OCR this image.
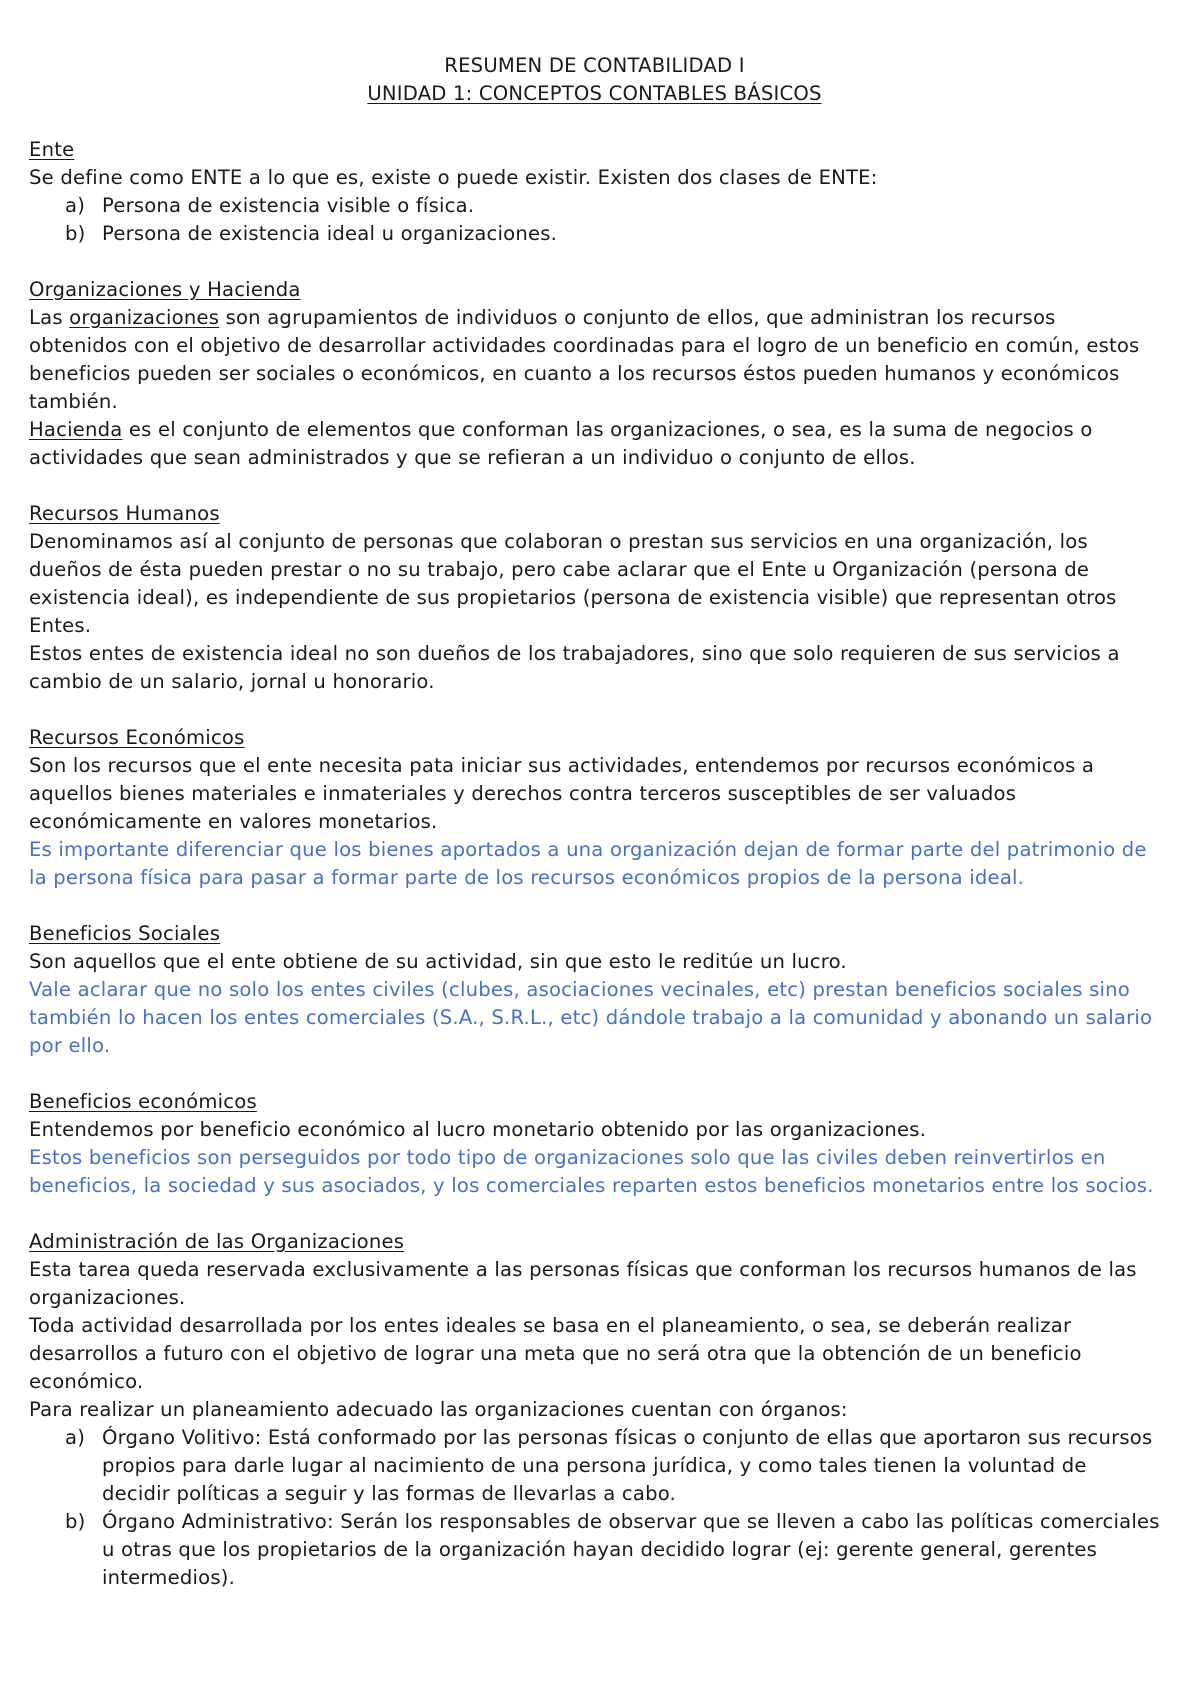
RESUMEN DE CONTABILIDAD I

UNIDAD 1: CONCEPTOS CONTABLES BÁSICOS

Ente

Se define como ENTE a lo que es, existe o puede existir. Existen dos clases de ENTE:

a) Persona de existencia visible o física.
b) Persona de existencia ideal u organizaciones.

Organizaciones y Hacienda

Las organizaciones son agrupamientos de individuos o conjunto de ellos, que administran los recursos obtenidos con el objetivo de desarrollar actividades coordinadas para el logro de un beneficio en común, estos beneficios pueden ser sociales o económicos, en cuanto a los recursos éstos pueden humanos y económicos también.

Hacienda es el conjunto de elementos que conforman las organizaciones, o sea, es la suma de negocios o actividades que sean administrados y que se refieran a un individuo o conjunto de ellos.

Recursos Humanos

Denominamos así al conjunto de personas que colaboran o prestan sus servicios en una organización, los dueños de ésta pueden prestar o no su trabajo, pero cabe aclarar que el Ente u Organización (persona de existencia ideal), es independiente de sus propietarios (persona de existencia visible) que representan otros Entes.

Estos entes de existencia ideal no son dueños de los trabajadores, sino que solo requieren de sus servicios a cambio de un salario, jornal u honorario.

Recursos Económicos

Son los recursos que el ente necesita pata iniciar sus actividades, entendemos por recursos económicos a aquellos bienes materiales e inmateriales y derechos contra terceros susceptibles de ser valuados económicamente en valores monetarios.

Es importante diferenciar que los bienes aportados a una organización dejan de formar parte del patrimonio de la persona física para pasar a formar parte de los recursos económicos propios de la persona ideal.

Beneficios Sociales

Son aquellos que el ente obtiene de su actividad, sin que esto le reditúe un lucro.

Vale aclarar que no solo los entes civiles (clubes, asociaciones vecinales, etc) prestan beneficios sociales sino también lo hacen los entes comerciales (S.A., S.R.L., etc) dándole trabajo a la comunidad y abonando un salario por ello.

Beneficios económicos

Entendemos por beneficio económico al lucro monetario obtenido por las organizaciones.

Estos beneficios son perseguidos por todo tipo de organizaciones solo que las civiles deben reinvertirlos en beneficios, la sociedad y sus asociados, y los comerciales reparten estos beneficios monetarios entre los socios.

Administración de las Organizaciones

Esta tarea queda reservada exclusivamente a las personas físicas que conforman los recursos humanos de las organizaciones.

Toda actividad desarrollada por los entes ideales se basa en el planeamiento, o sea, se deberán realizar desarrollos a futuro con el objetivo de lograr una meta que no será otra que la obtención de un beneficio económico.

Para realizar un planeamiento adecuado las organizaciones cuentan con órganos:

a) Órgano Volitivo: Está conformado por las personas físicas o conjunto de ellas que aportaron sus recursos propios para darle lugar al nacimiento de una persona jurídica, y como tales tienen la voluntad de decidir políticas a seguir y las formas de llevarlas a cabo.
b) Órgano Administrativo: Serán los responsables de observar que se lleven a cabo las políticas comerciales u otras que los propietarios de la organización hayan decidido lograr (ej: gerente general, gerentes intermedios).
